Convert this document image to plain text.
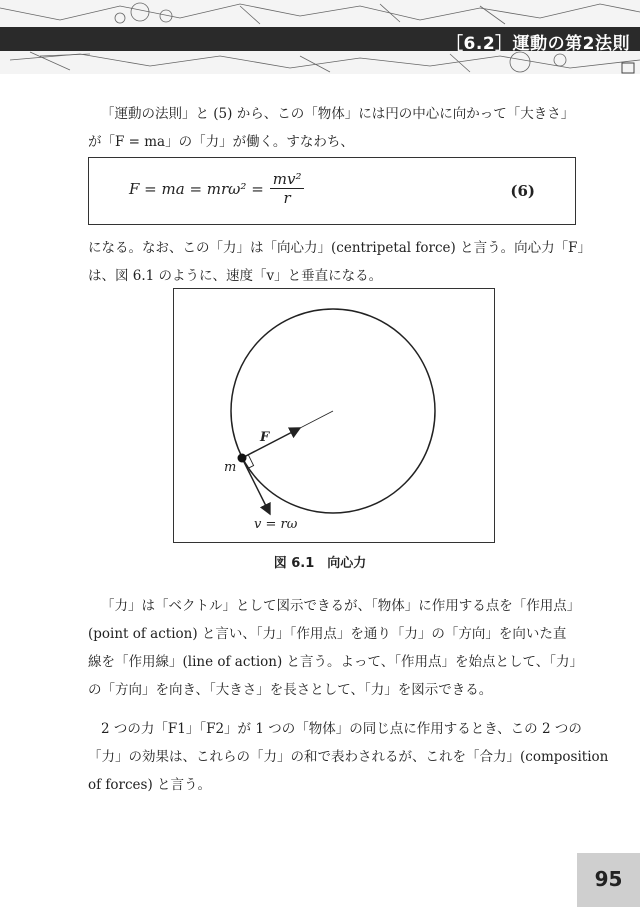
［6.2］運動の第2法則
「運動の法則」と (5) から、この「物体」には円の中心に向かって「大きさ」
が「F = ma」の「力」が働く。すなわち、
F = ma = $mr\omega^2 = \frac{\text{mv²}}{r}$	(6)
になる。なお、この「力」は「向心力」(centripetal force) と言う。向心力「F」
は、図 6.1 のように、速度「v」と垂直になる。
F
m
v = rω
図 6.1　向心力
「力」は「ベクトル」として図示できるが、「物体」に作用する点を「作用点」
(point of action) と言い、「力」「作用点」を通り「力」の「方向」を向いた直
線を「作用線」(line of action) と言う。よって、「作用点」を始点として、「力」
の「方向」を向き、「大きさ」を長さとして、「力」を図示できる。
2 つの力「F1」「F2」が 1 つの「物体」の同じ点に作用するとき、この 2 つの
「力」の効果は、これらの「力」の和で表わされるが、これを「合力」(composition
of forces) と言う。
95
